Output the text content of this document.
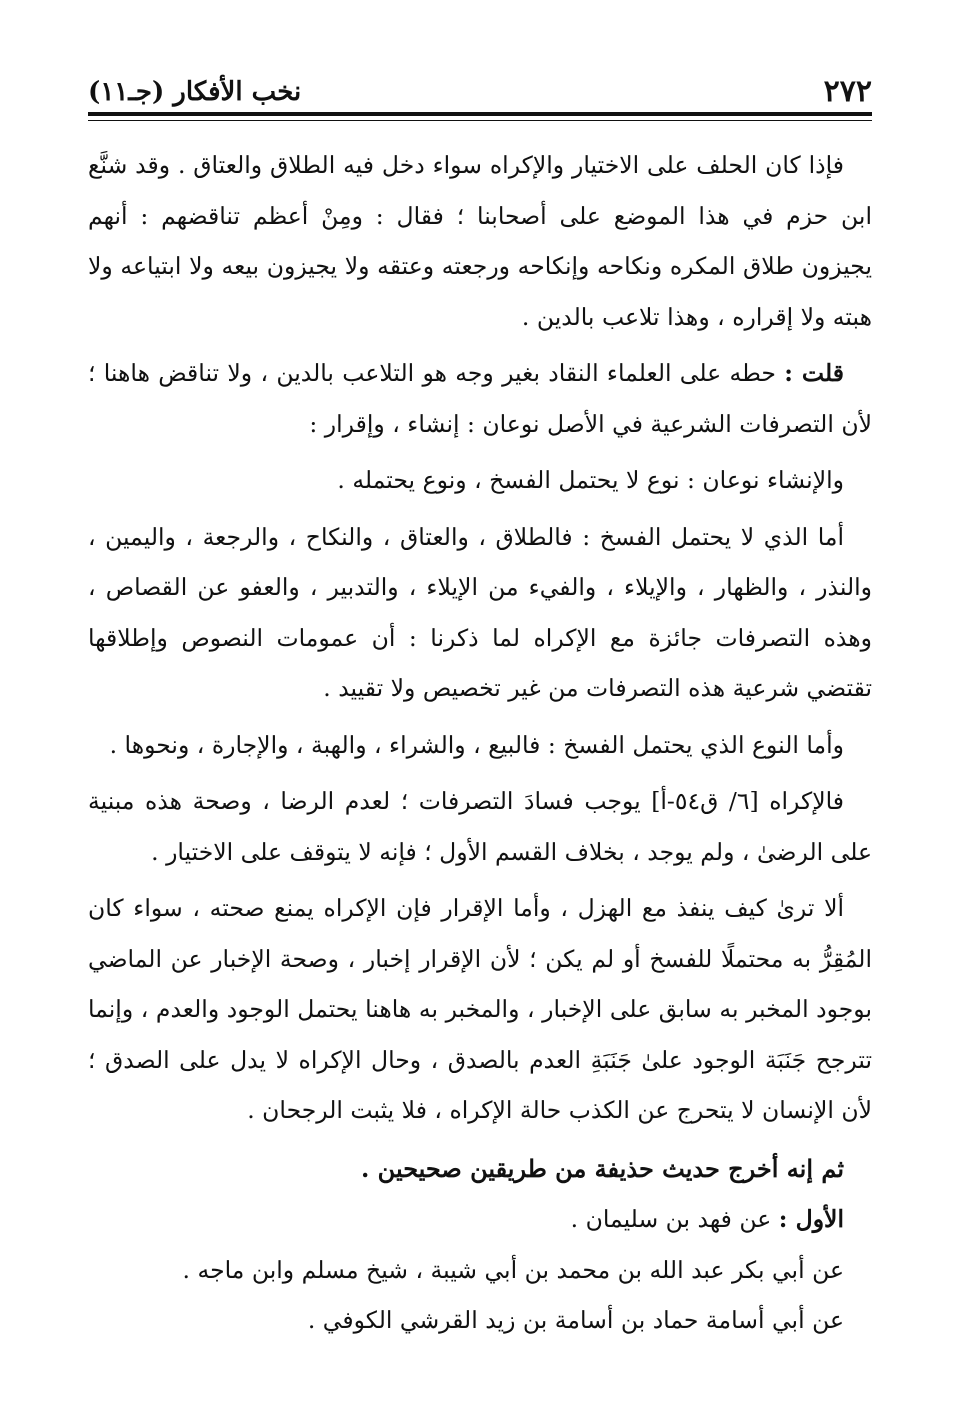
٢٧٢
نخب الأفكار (جـ١١)

فإذا كان الحلف على الاختيار والإكراه سواء دخل فيه الطلاق والعتاق . وقد شنَّع ابن حزم في هذا الموضع على أصحابنا ؛ فقال : ومِنْ أعظم تناقضهم : أنهم يجيزون طلاق المكره ونكاحه وإنكاحه ورجعته وعتقه ولا يجيزون بيعه ولا ابتياعه ولا هبته ولا إقراره ، وهذا تلاعب بالدين .

قلت : حطه على العلماء النقاد بغير وجه هو التلاعب بالدين ، ولا تناقض هاهنا ؛ لأن التصرفات الشرعية في الأصل نوعان : إنشاء ، وإقرار :

والإنشاء نوعان : نوع لا يحتمل الفسخ ، ونوع يحتمله .

أما الذي لا يحتمل الفسخ : فالطلاق ، والعتاق ، والنكاح ، والرجعة ، واليمين ، والنذر ، والظهار ، والإيلاء ، والفيء من الإيلاء ، والتدبير ، والعفو عن القصاص ، وهذه التصرفات جائزة مع الإكراه لما ذكرنا : أن عمومات النصوص وإطلاقها تقتضي شرعية هذه التصرفات من غير تخصيص ولا تقييد .

وأما النوع الذي يحتمل الفسخ : فالبيع ، والشراء ، والهبة ، والإجارة ، ونحوها .

فالإكراه [٦/ ق٥٤-أ] يوجب فسادَ التصرفات ؛ لعدم الرضا ، وصحة هذه مبنية على الرضىٰ ، ولم يوجد ، بخلاف القسم الأول ؛ فإنه لا يتوقف على الاختيار .

ألا ترىٰ كيف ينفذ مع الهزل ، وأما الإقرار فإن الإكراه يمنع صحته ، سواء كان المُقِرُّ به محتملًا للفسخ أو لم يكن ؛ لأن الإقرار إخبار ، وصحة الإخبار عن الماضي بوجود المخبر به سابق على الإخبار ، والمخبر به هاهنا يحتمل الوجود والعدم ، وإنما تترجح جَنَبَة الوجود علىٰ جَنَبَةِ العدم بالصدق ، وحال الإكراه لا يدل على الصدق ؛ لأن الإنسان لا يتحرج عن الكذب حالة الإكراه ، فلا يثبت الرجحان .

ثم إنه أخرج حديث حذيفة من طريقين صحيحين .

الأول : عن فهد بن سليمان .

عن أبي بكر عبد الله بن محمد بن أبي شيبة ، شيخ مسلم وابن ماجه .

عن أبي أسامة حماد بن أسامة بن زيد القرشي الكوفي .
